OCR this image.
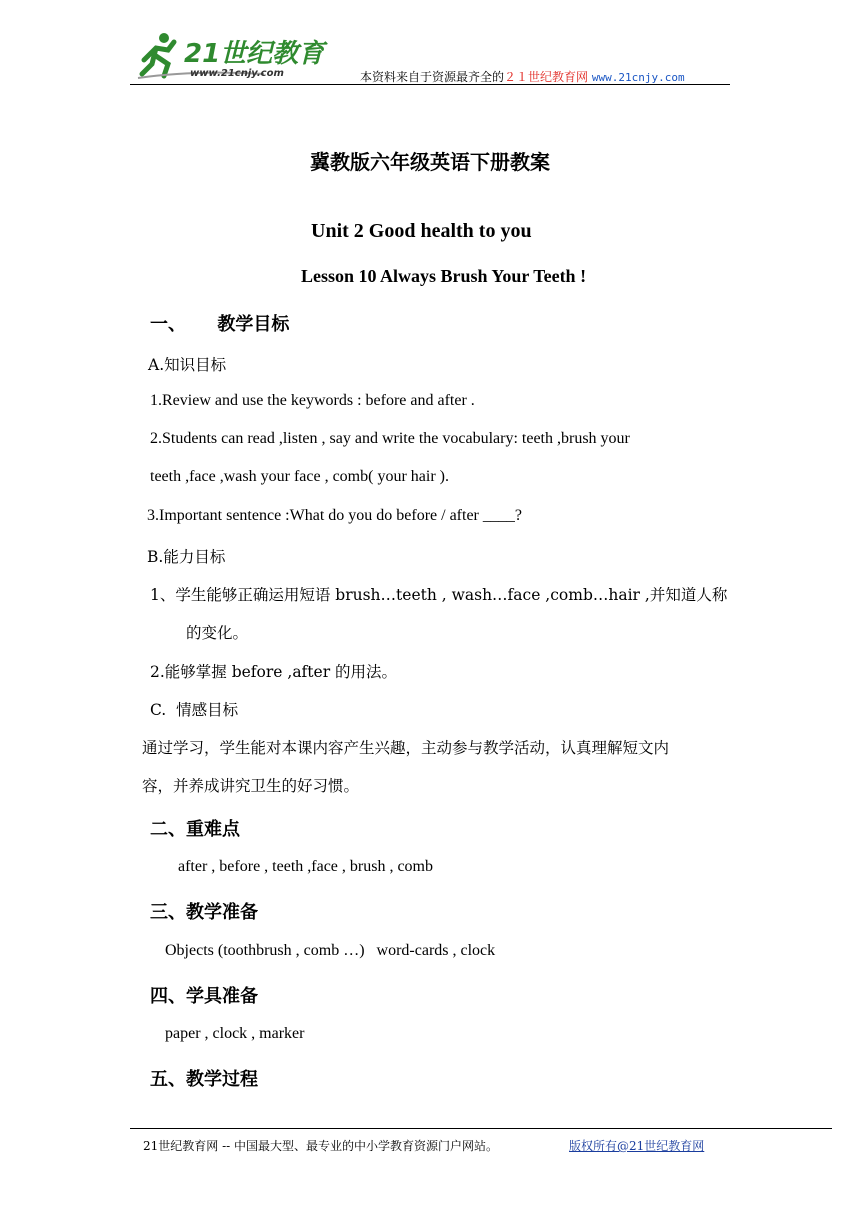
21世纪教育
www.21cnjy.com	本资料来自于资源最齐全的２１世纪教育网 www.21cnjy.com
冀教版六年级英语下册教案
Unit 2 Good health to you
Lesson 10 Always Brush Your Teeth !
一、     教学目标
A.知识目标
1.Review and use the keywords : before and after .
2.Students can read ,listen , say and write the vocabulary: teeth ,brush your
teeth ,face ,wash your face , comb( your hair ).
3.Important sentence :What do you do before / after ____?
B.能力目标
1、学生能够正确运用短语 brush…teeth , wash…face ,comb…hair ,并知道人称
的变化。
2.能够掌握 before ,after 的用法。
C.  情感目标
通过学习，学生能对本课内容产生兴趣，主动参与教学活动，认真理解短文内
容，并养成讲究卫生的好习惯。
二、重难点
after , before , teeth ,face , brush , comb
三、教学准备
Objects (toothbrush , comb …)   word-cards , clock
四、学具准备
paper , clock , marker
五、教学过程
21世纪教育网 -- 中国最大型、最专业的中小学教育资源门户网站。	版权所有@21世纪教育网
